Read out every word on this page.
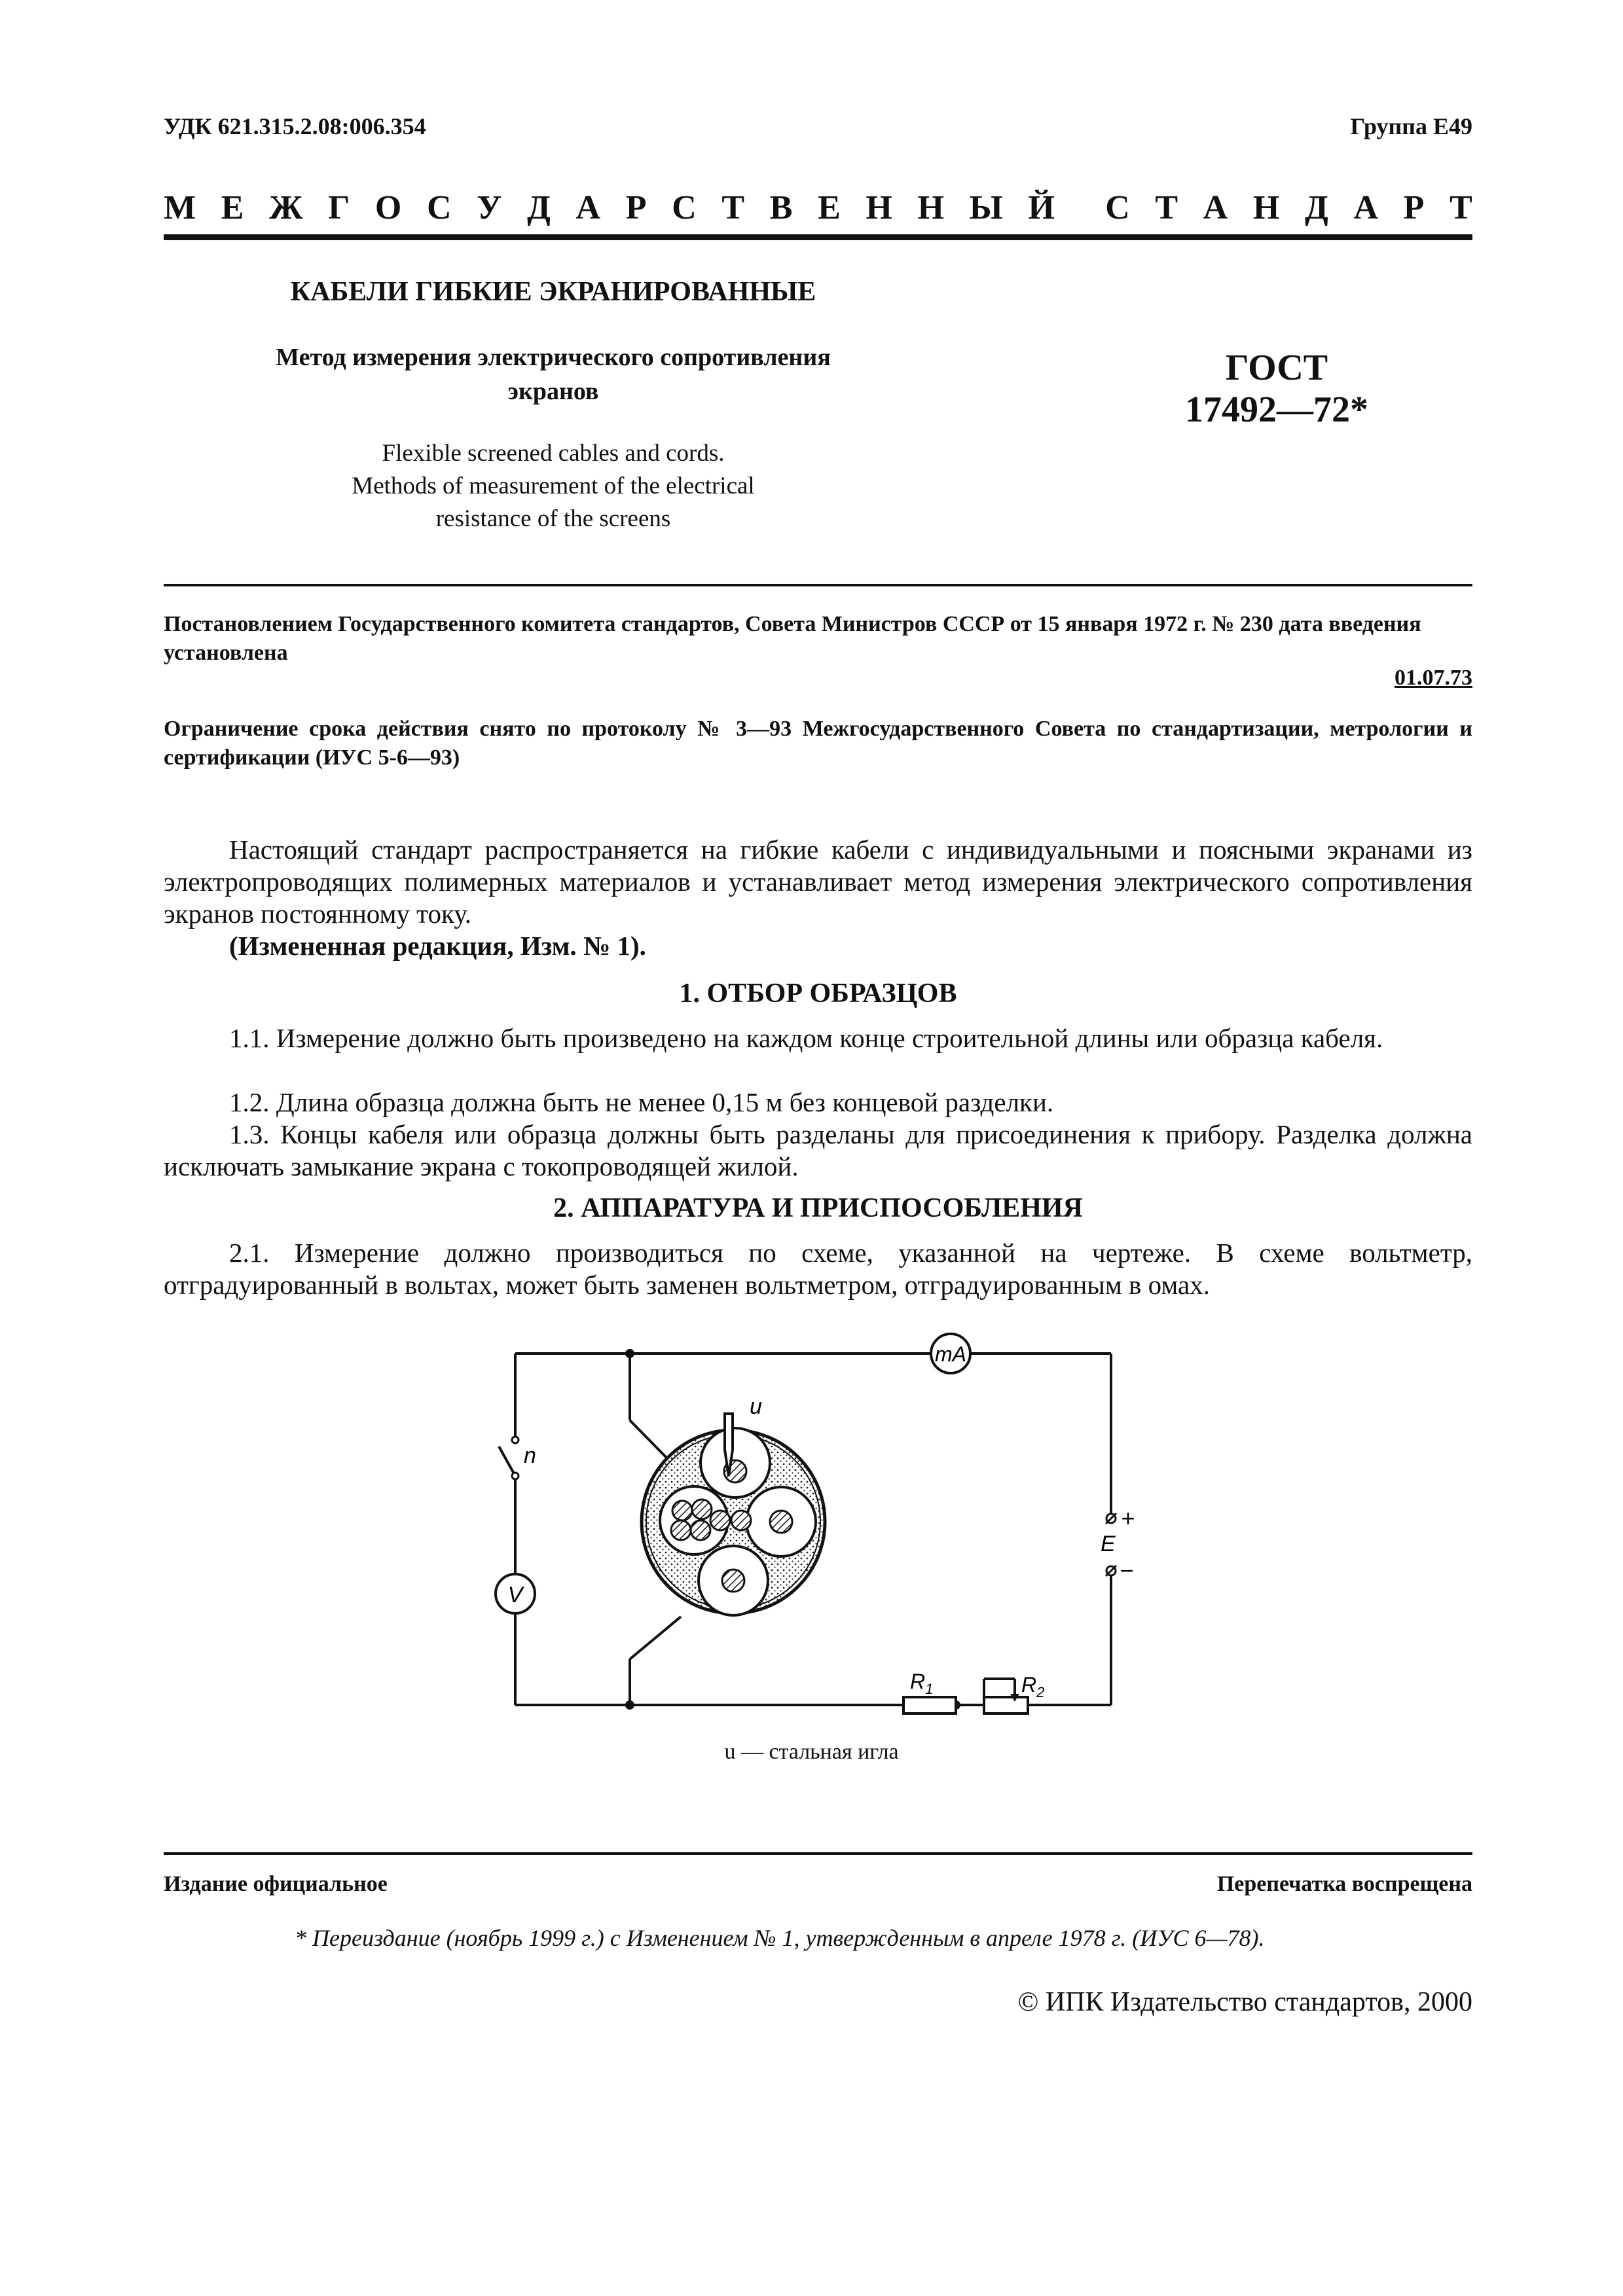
УДК 621.315.2.08:006.354	Группа Е49
М Е Ж Г О С У Д А Р С Т В Е Н Н Ы Й С Т А Н Д А Р Т
КАБЕЛИ ГИБКИЕ ЭКРАНИРОВАННЫЕ
Метод измерения электрического сопротивления
экранов
Flexible screened cables and cords.
Methods of measurement of the electrical
resistance of the screens
ГОСТ
17492—72*
Постановлением Государственного комитета стандартов, Совета Министров СССР от 15 января 1972 г. № 230 дата введения установлена
01.07.73
Ограничение срока действия снято по протоколу № 3—93 Межгосударственного Совета по стандартизации, метрологии и сертификации (ИУС 5-6—93)
Настоящий стандарт распространяется на гибкие кабели с индивидуальными и поясными экранами из электропроводящих полимерных материалов и устанавливает метод измерения электрического сопротивления экранов постоянному току.
(Измененная редакция, Изм. № 1).
1. ОТБОР ОБРАЗЦОВ
1.1. Измерение должно быть произведено на каждом конце строительной длины или образца кабеля.
1.2. Длина образца должна быть не менее 0,15 м без концевой разделки.
1.3. Концы кабеля или образца должны быть разделаны для присоединения к прибору. Разделка должна исключать замыкание экрана с токопроводящей жилой.
2. АППАРАТУРА И ПРИСПОСОБЛЕНИЯ
2.1. Измерение должно производиться по схеме, указанной на чертеже. В схеме вольтметр, отградуированный в вольтах, может быть заменен вольтметром, отградуированным в омах.
mA
V
u
n
+
E
−
$R_1$	$R_2$
u — стальная игла
Издание официальное	Перепечатка воспрещена
* Переиздание (ноябрь 1999 г.) с Изменением № 1, утвержденным в апреле 1978 г. (ИУС 6—78).
© ИПК Издательство стандартов, 2000
